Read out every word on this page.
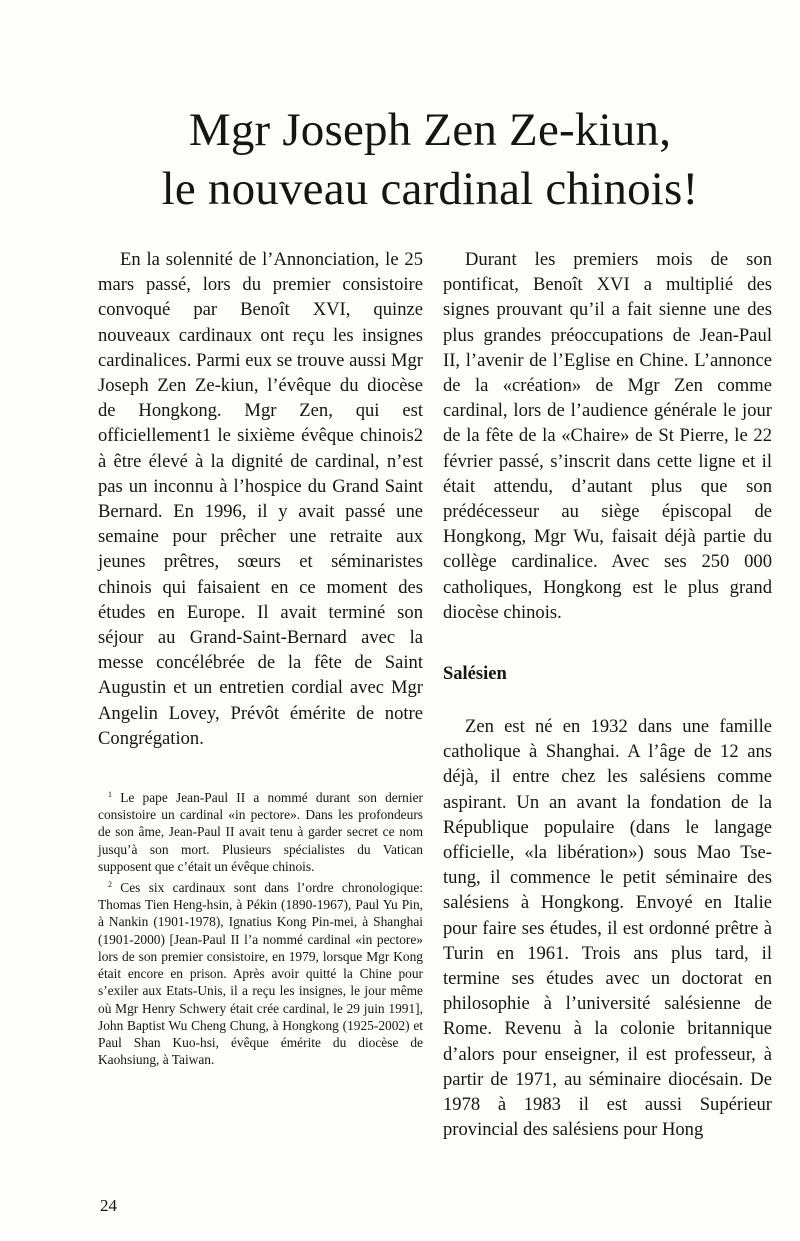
Mgr Joseph Zen Ze-kiun,
le nouveau cardinal chinois!

En la solennité de l’Annonciation, le 25 mars passé, lors du premier consistoire convoqué par Benoît XVI, quinze nouveaux cardinaux ont reçu les insignes cardinalices. Parmi eux se trouve aussi Mgr Joseph Zen Ze-kiun, l’évêque du diocèse de Hongkong. Mgr Zen, qui est officiellement1 le sixième évêque chinois2 à être élevé à la dignité de cardinal, n’est pas un inconnu à l’hospice du Grand Saint Bernard. En 1996, il y avait passé une semaine pour prêcher une retraite aux jeunes prêtres, sœurs et séminaristes chinois qui faisaient en ce moment des études en Europe. Il avait terminé son séjour au Grand-Saint-Bernard avec la messe concélébrée de la fête de Saint Augustin et un entretien cordial avec Mgr Angelin Lovey, Prévôt émérite de notre Congrégation.

$^1$ Le pape Jean-Paul II a nommé durant son dernier consistoire un cardinal «in pectore». Dans les profondeurs de son âme, Jean-Paul II avait tenu à garder secret ce nom jusqu’à son mort. Plusieurs spécialistes du Vatican supposent que c’était un évêque chinois.

$^2$ Ces six cardinaux sont dans l’ordre chronologique: Thomas Tien Heng-hsin, à Pékin (1890-1967), Paul Yu Pin, à Nankin (1901-1978), Ignatius Kong Pin-mei, à Shanghai (1901-2000) [Jean-Paul II l’a nommé cardinal «in pectore» lors de son premier consistoire, en 1979, lorsque Mgr Kong était encore en prison. Après avoir quitté la Chine pour s’exiler aux Etats-Unis, il a reçu les insignes, le jour même où Mgr Henry Schwery était crée cardinal, le 29 juin 1991], John Baptist Wu Cheng Chung, à Hongkong (1925-2002) et Paul Shan Kuo-hsi, évêque émérite du diocèse de Kaohsiung, à Taiwan.

Durant les premiers mois de son pontificat, Benoît XVI a multiplié des signes prouvant qu’il a fait sienne une des plus grandes préoccupations de Jean-Paul II, l’avenir de l’Eglise en Chine. L’annonce de la «création» de Mgr Zen comme cardinal, lors de l’audience générale le jour de la fête de la «Chaire» de St Pierre, le 22 février passé, s’inscrit dans cette ligne et il était attendu, d’autant plus que son prédécesseur au siège épiscopal de Hongkong, Mgr Wu, faisait déjà partie du collège cardinalice. Avec ses 250 000 catholiques, Hongkong est le plus grand diocèse chinois.

Salésien

Zen est né en 1932 dans une famille catholique à Shanghai. A l’âge de 12 ans déjà, il entre chez les salésiens comme aspirant. Un an avant la fondation de la République populaire (dans le langage officielle, «la libération») sous Mao Tse-tung, il commence le petit séminaire des salésiens à Hongkong. Envoyé en Italie pour faire ses études, il est ordonné prêtre à Turin en 1961. Trois ans plus tard, il termine ses études avec un doctorat en philosophie à l’université salésienne de Rome. Revenu à la colonie britannique d’alors pour enseigner, il est professeur, à partir de 1971, au séminaire diocésain. De 1978 à 1983 il est aussi Supérieur provincial des salésiens pour Hong

24
